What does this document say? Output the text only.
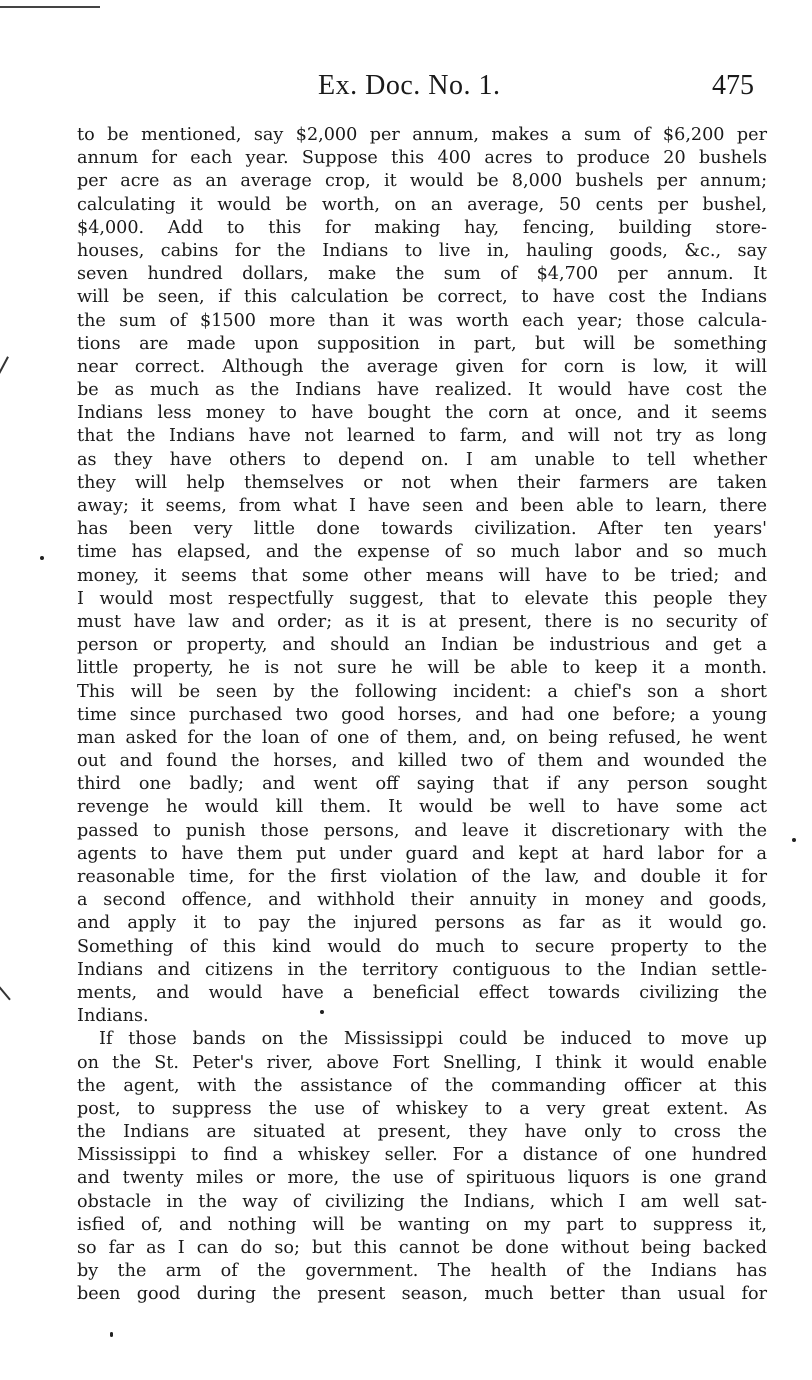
Ex. Doc. No. 1.	475
to be mentioned, say $2,000 per annum, makes a sum of $6,200 per
annum for each year. Suppose this 400 acres to produce 20 bushels
per acre as an average crop, it would be 8,000 bushels per annum;
calculating it would be worth, on an average, 50 cents per bushel,
$4,000. Add to this for making hay, fencing, building store-
houses, cabins for the Indians to live in, hauling goods, &c., say
seven hundred dollars, make the sum of $4,700 per annum. It
will be seen, if this calculation be correct, to have cost the Indians
the sum of $1500 more than it was worth each year; those calcula-
tions are made upon supposition in part, but will be something
near correct. Although the average given for corn is low, it will
be as much as the Indians have realized. It would have cost the
Indians less money to have bought the corn at once, and it seems
that the Indians have not learned to farm, and will not try as long
as they have others to depend on. I am unable to tell whether
they will help themselves or not when their farmers are taken
away; it seems, from what I have seen and been able to learn, there
has been very little done towards civilization. After ten years'
time has elapsed, and the expense of so much labor and so much
money, it seems that some other means will have to be tried; and
I would most respectfully suggest, that to elevate this people they
must have law and order; as it is at present, there is no security of
person or property, and should an Indian be industrious and get a
little property, he is not sure he will be able to keep it a month.
This will be seen by the following incident: a chief's son a short
time since purchased two good horses, and had one before; a young
man asked for the loan of one of them, and, on being refused, he went
out and found the horses, and killed two of them and wounded the
third one badly; and went off saying that if any person sought
revenge he would kill them. It would be well to have some act
passed to punish those persons, and leave it discretionary with the
agents to have them put under guard and kept at hard labor for a
reasonable time, for the first violation of the law, and double it for
a second offence, and withhold their annuity in money and goods,
and apply it to pay the injured persons as far as it would go.
Something of this kind would do much to secure property to the
Indians and citizens in the territory contiguous to the Indian settle-
ments, and would have a beneficial effect towards civilizing the
Indians.
If those bands on the Mississippi could be induced to move up
on the St. Peter's river, above Fort Snelling, I think it would enable
the agent, with the assistance of the commanding officer at this
post, to suppress the use of whiskey to a very great extent. As
the Indians are situated at present, they have only to cross the
Mississippi to find a whiskey seller. For a distance of one hundred
and twenty miles or more, the use of spirituous liquors is one grand
obstacle in the way of civilizing the Indians, which I am well sat-
isfied of, and nothing will be wanting on my part to suppress it,
so far as I can do so; but this cannot be done without being backed
by the arm of the government. The health of the Indians has
been good during the present season, much better than usual for
